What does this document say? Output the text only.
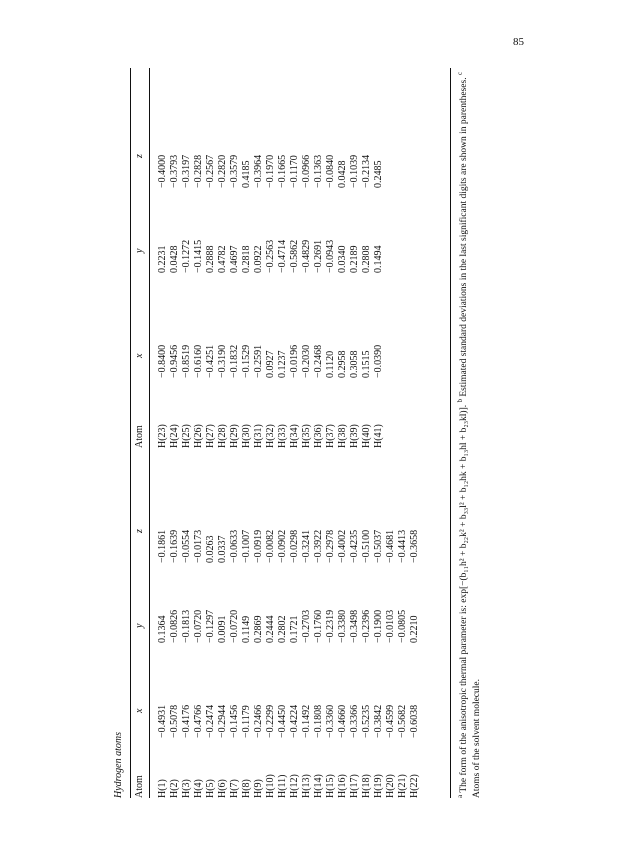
85
Hydrogen atoms Atom
x
y
z
Atom
x
y
z
H(1) H(2) H(3) H(4) H(5) H(6) H(7) H(8) H(9) H(10) H(11) H(12) H(13) H(14) H(15) H(16) H(17) H(18) H(19) H(20) H(21) H(22)
−0.4931 −0.5078 −0.4176 −0.4766 −0.2474 −0.2944 −0.1456 −0.1179 −0.2466 −0.2299 −0.4450 −0.4224 −0.1492 −0.1808 −0.3360 −0.4660 −0.3366 −0.5235 −0.3842 −0.4599 −0.5682 −0.6038
0.1364 −0.0826 −0.1813 −0.0720 −0.1297 0.0091 −0.0720 0.1149 0.2869 0.2444 0.2802 0.1721 −0.2703 −0.1760 −0.2319 −0.3380 −0.3498 −0.2396 −0.1900 −0.0103 −0.0805 0.2210
−0.1861 −0.1639 −0.0554 −0.0173 0.0263 0.0337 −0.0633 −0.1007 −0.0919 −0.0082 −0.0902 −0.0298 −0.3241 −0.3922 −0.2978 −0.4002 −0.4235 −0.5100 −0.5037 −0.4681 −0.4413 −0.3658
H(23) H(24) H(25) H(26) H(27) H(28) H(29) H(30) H(31) H(32) H(33) H(34) H(35) H(36) H(37) H(38) H(39) H(40) H(41)
−0.8400 −0.9456 −0.8519 −0.6160 −0.4251 −0.3190 −0.1832 −0.1529 −0.2591 0.0927 0.1237 −0.0196 −0.2030 −0.2468 0.1120 0.2958 0.3058 0.1515 −0.0390
0.2231 0.0428 −0.1272 −0.1415 0.2888 0.4782 0.4697 0.2818 0.0922 −0.2563 −0.4714 −0.5862 −0.4829 −0.2691 −0.0943 0.0340 0.2189 0.2808 0.1494
−0.4000 −0.3793 −0.3197 −0.2828 −0.2567 −0.2820 −0.3579 0.4185 −0.3964 −0.1970 −0.1665 −0.1170 −0.0966 −0.1363 −0.0840 0.0428 −0.1039 −0.2134 0.2485

$^a$ The form of the anisotropic thermal parameter is: exp[−(b₁₁h² + b₂₂k² + b₃₃l² + b₁₂hk + b₁₃hl + b₂₃kl)]. $^b$ Estimated standard deviations in the last significant digits are shown in parentheses. $^c$ Atoms of the solvent molecule.
